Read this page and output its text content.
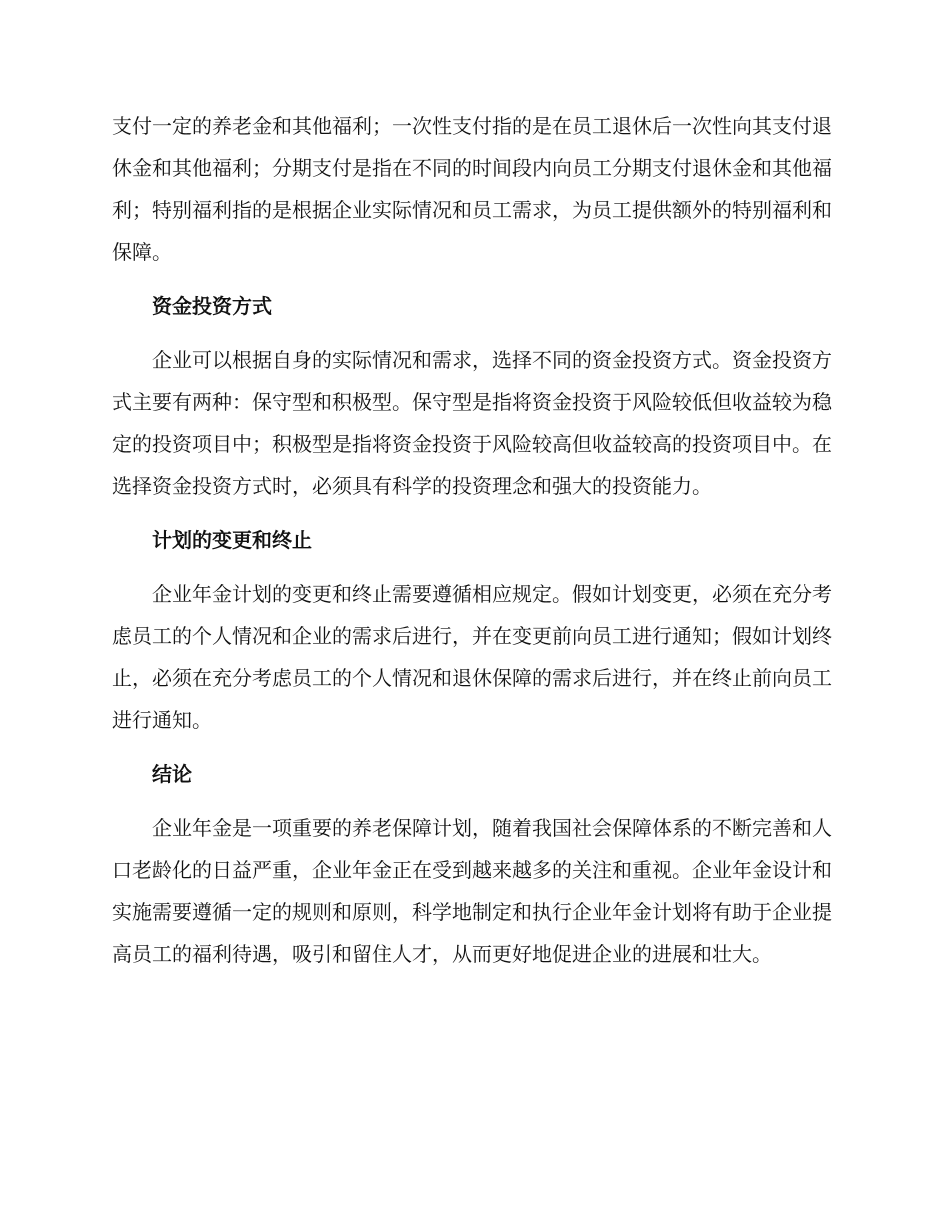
支付一定的养老金和其他福利；一次性支付指的是在员工退休后一次性向其支付退休金和其他福利；分期支付是指在不同的时间段内向员工分期支付退休金和其他福利；特别福利指的是根据企业实际情况和员工需求，为员工提供额外的特别福利和保障。

资金投资方式

企业可以根据自身的实际情况和需求，选择不同的资金投资方式。资金投资方式主要有两种：保守型和积极型。保守型是指将资金投资于风险较低但收益较为稳定的投资项目中；积极型是指将资金投资于风险较高但收益较高的投资项目中。在选择资金投资方式时，必须具有科学的投资理念和强大的投资能力。

计划的变更和终止

企业年金计划的变更和终止需要遵循相应规定。假如计划变更，必须在充分考虑员工的个人情况和企业的需求后进行，并在变更前向员工进行通知；假如计划终止，必须在充分考虑员工的个人情况和退休保障的需求后进行，并在终止前向员工进行通知。

结论

企业年金是一项重要的养老保障计划，随着我国社会保障体系的不断完善和人口老龄化的日益严重，企业年金正在受到越来越多的关注和重视。企业年金设计和实施需要遵循一定的规则和原则，科学地制定和执行企业年金计划将有助于企业提高员工的福利待遇，吸引和留住人才，从而更好地促进企业的进展和壮大。
